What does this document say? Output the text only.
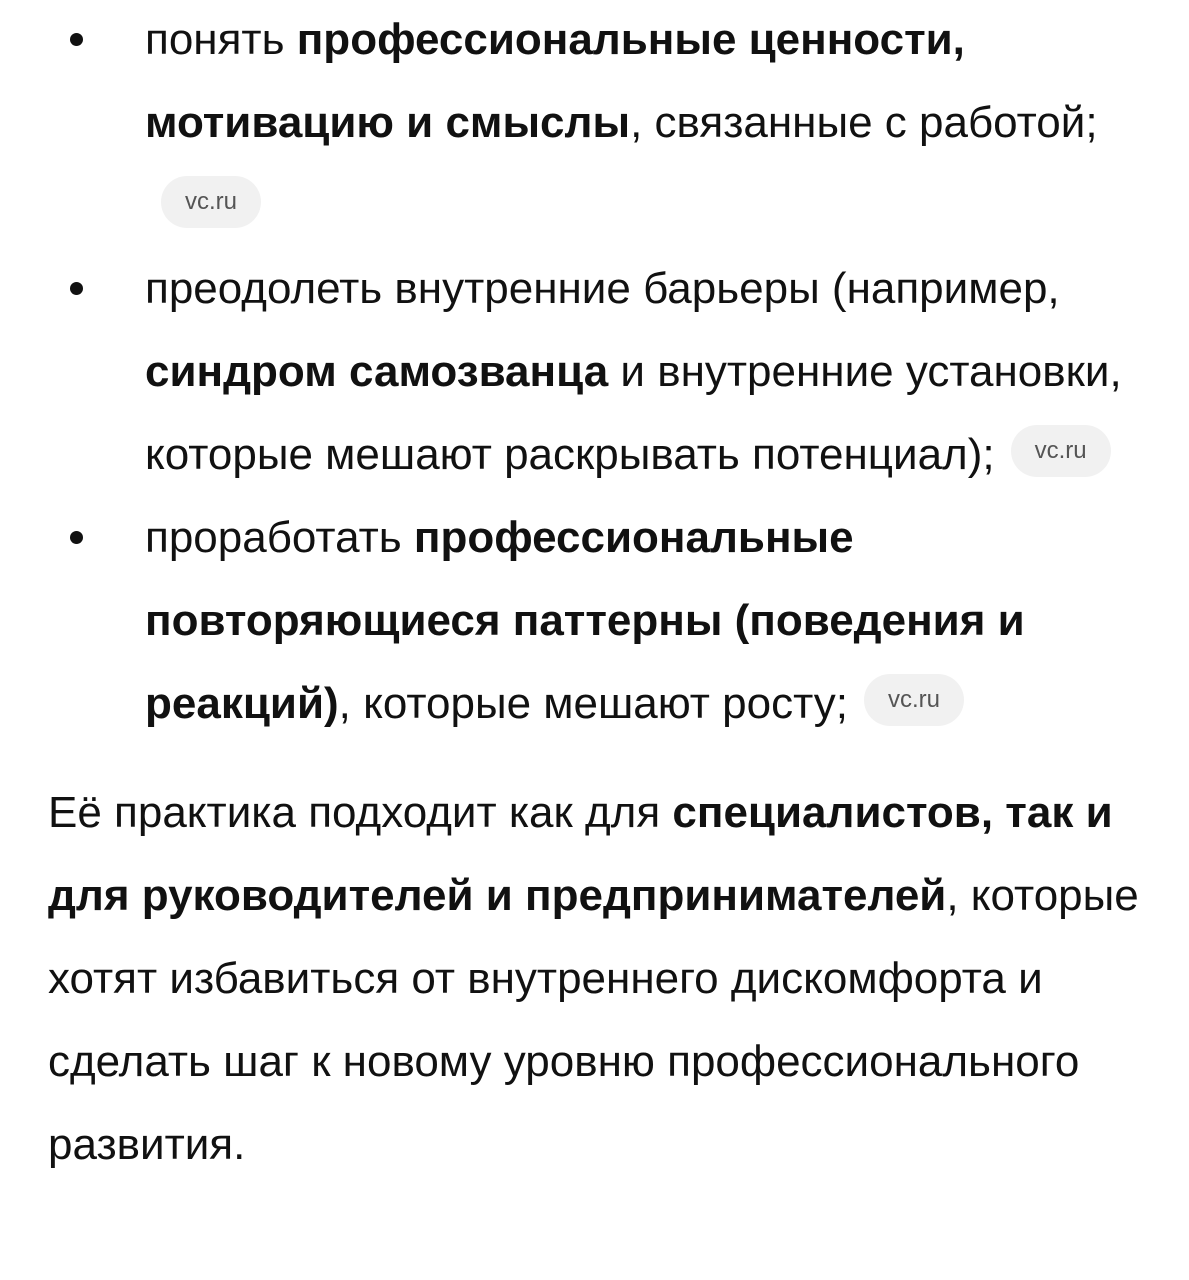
понять профессиональные ценности, мотивацию и смыслы, связанные с работой;vc.ru
преодолеть внутренние барьеры (например, синдром самозванца и внутренние установки, которые мешают раскрывать потенциал); vc.ru
проработать профессиональные повторяющиеся паттерны (поведения и реакций), которые мешают росту; vc.ru

Её практика подходит как для специалистов, так и для руководителей и предпринимателей, которые хотят избавиться от внутреннего дискомфорта и сделать шаг к новому уровню профессионального развития.
